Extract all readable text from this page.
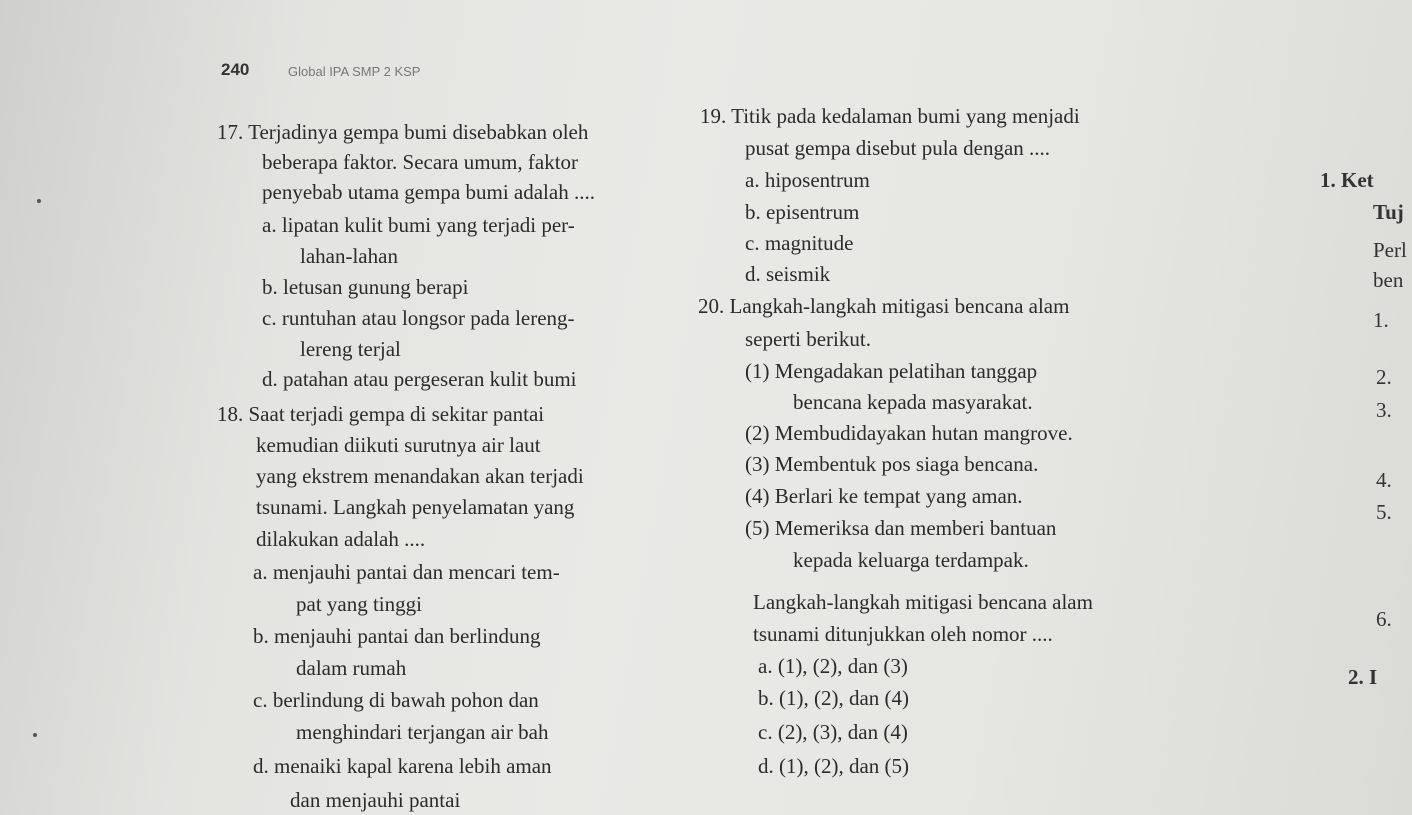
240	Global IPA SMP 2 KSP
17. Terjadinya gempa bumi disebabkan oleh
beberapa faktor. Secara umum, faktor
penyebab utama gempa bumi adalah ....
a. lipatan kulit bumi yang terjadi per-
lahan-lahan
b. letusan gunung berapi
c. runtuhan atau longsor pada lereng-
lereng terjal
d. patahan atau pergeseran kulit bumi
18. Saat terjadi gempa di sekitar pantai
kemudian diikuti surutnya air laut
yang ekstrem menandakan akan terjadi
tsunami. Langkah penyelamatan yang
dilakukan adalah ....
a. menjauhi pantai dan mencari tem-
pat yang tinggi
b. menjauhi pantai dan berlindung
dalam rumah
c. berlindung di bawah pohon dan
menghindari terjangan air bah
d. menaiki kapal karena lebih aman
dan menjauhi pantai
19. Titik pada kedalaman bumi yang menjadi
pusat gempa disebut pula dengan ....
a. hiposentrum
b. episentrum
c. magnitude
d. seismik
20. Langkah-langkah mitigasi bencana alam
seperti berikut.
(1) Mengadakan pelatihan tanggap
bencana kepada masyarakat.
(2) Membudidayakan hutan mangrove.
(3) Membentuk pos siaga bencana.
(4) Berlari ke tempat yang aman.
(5) Memeriksa dan memberi bantuan
kepada keluarga terdampak.
Langkah-langkah mitigasi bencana alam
tsunami ditunjukkan oleh nomor ....
a. (1), (2), dan (3)
b. (1), (2), dan (4)
c. (2), (3), dan (4)
d. (1), (2), dan (5)
1. Ket
Tuj
Perl
ben
1.
2.
3.
4.
5.
6.
2. I
